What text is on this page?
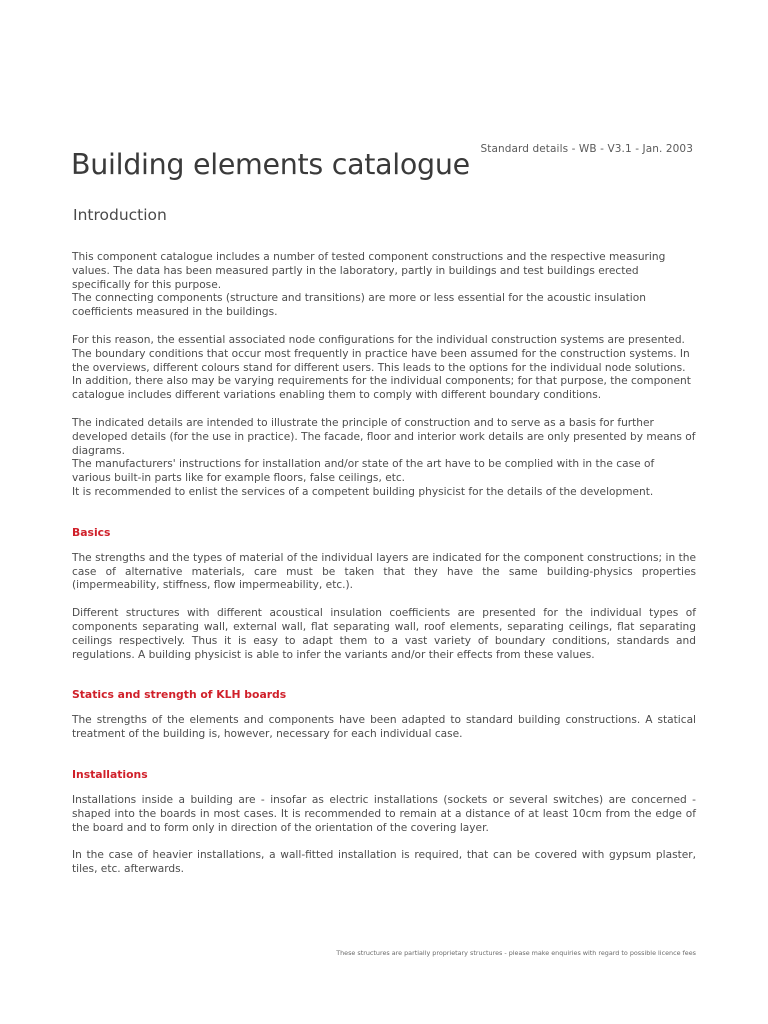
Standard details - WB - V3.1 - Jan. 2003
Building elements catalogue
Introduction

This component catalogue includes a number of tested component constructions and the respective measuring values. The data has been measured partly in the laboratory, partly in buildings and test buildings erected specifically for this purpose.
The connecting components (structure and transitions) are more or less essential for the acoustic insulation coefficients measured in the buildings.

For this reason, the essential associated node configurations for the individual construction systems are presented. The boundary conditions that occur most frequently in practice have been assumed for the construction systems. In the overviews, different colours stand for different users. This leads to the options for the individual node solutions.
In addition, there also may be varying requirements for the individual components; for that purpose, the component catalogue includes different variations enabling them to comply with different boundary conditions.

The indicated details are intended to illustrate the principle of construction and to serve as a basis for further developed details (for the use in practice). The facade, floor and interior work details are only presented by means of diagrams.
The manufacturers' instructions for installation and/or state of the art have to be complied with in the case of various built-in parts like for example floors, false ceilings, etc.
It is recommended to enlist the services of a competent building physicist for the details of the development.

Basics

The strengths and the types of material of the individual layers are indicated for the component constructions; in the case of alternative materials, care must be taken that they have the same building-physics properties (impermeability, stiffness, flow impermeability, etc.).

Different structures with different acoustical insulation coefficients are presented for the individual types of components separating wall, external wall, flat separating wall, roof elements, separating ceilings, flat separating ceilings respectively. Thus it is easy to adapt them to a vast variety of boundary conditions, standards and regulations. A building physicist is able to infer the variants and/or their effects from these values.

Statics and strength of KLH boards

The strengths of the elements and components have been adapted to standard building constructions. A statical treatment of the building is, however, necessary for each individual case.

Installations

Installations inside a building are - insofar as electric installations (sockets or several switches) are concerned - shaped into the boards in most cases. It is recommended to remain at a distance of at least 10cm from the edge of the board and to form only in direction of the orientation of the covering layer.

In the case of heavier installations, a wall-fitted installation is required, that can be covered with gypsum plaster, tiles, etc. afterwards.

These structures are partially proprietary structures - please make enquiries with regard to possible licence fees
